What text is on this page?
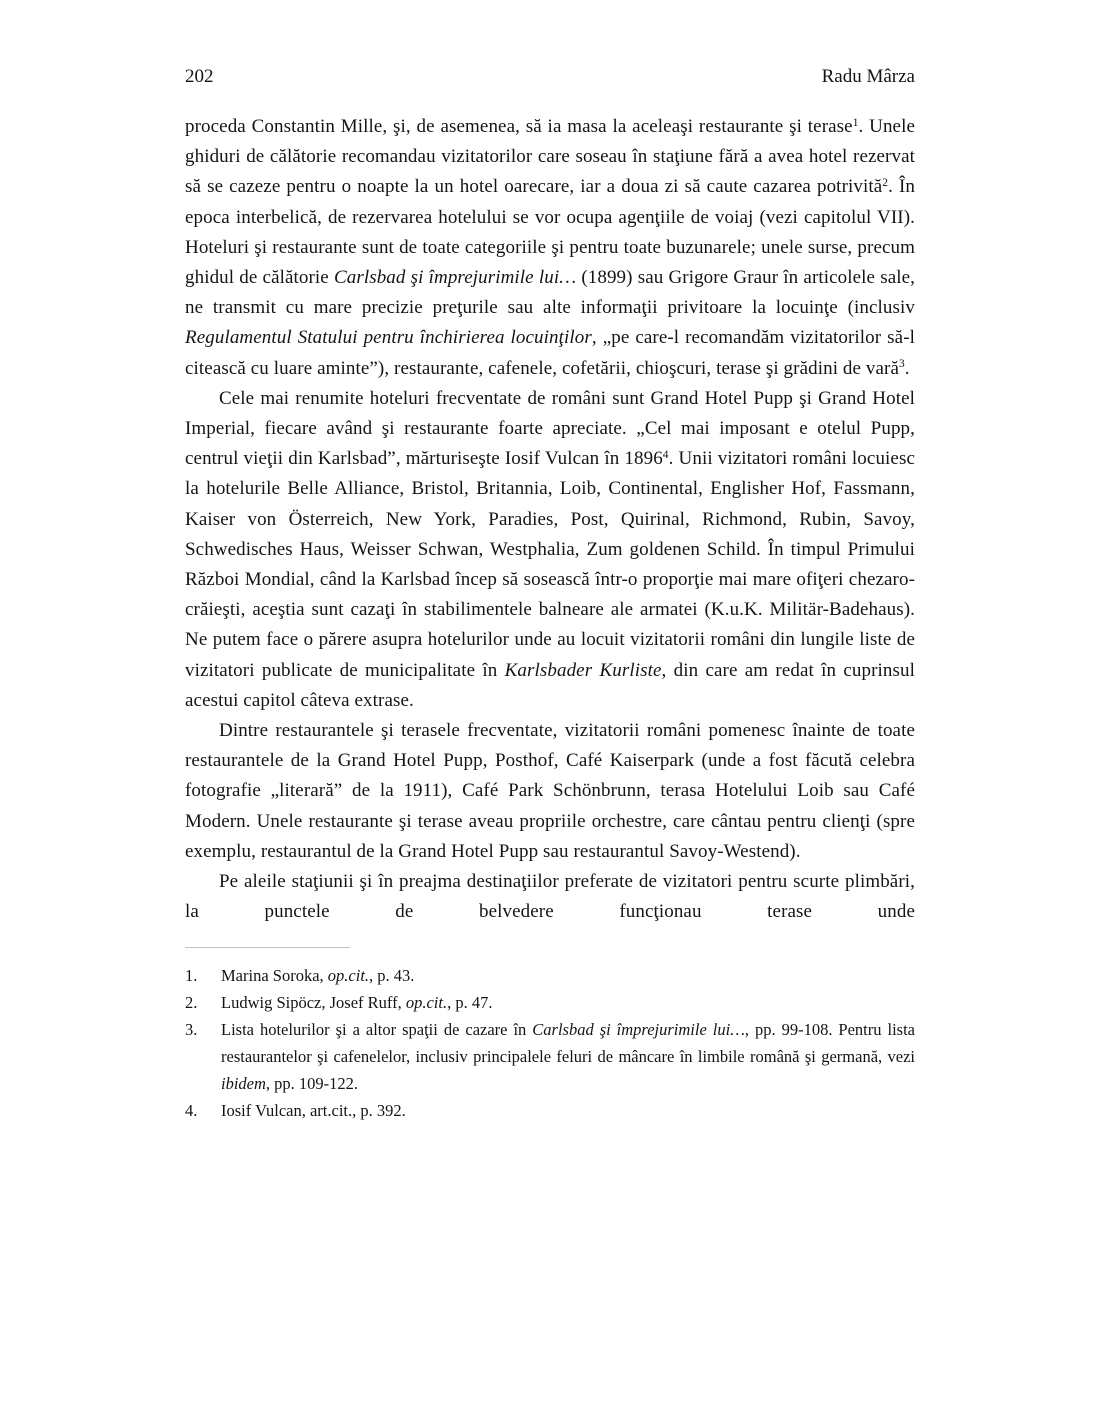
202	Radu Mârza

proceda Constantin Mille, şi, de asemenea, să ia masa la aceleaşi restaurante şi terase$^1$. Unele ghiduri de călătorie recomandau vizitatorilor care soseau în staţiune fără a avea hotel rezervat să se cazeze pentru o noapte la un hotel oarecare, iar a doua zi să caute cazarea potrivită$^2$. În epoca interbelică, de rezervarea hotelului se vor ocupa agenţiile de voiaj (vezi capitolul VII). Hoteluri şi restaurante sunt de toate categoriile şi pentru toate buzunarele; unele surse, precum ghidul de călătorie Carlsbad şi împrejurimile lui… (1899) sau Grigore Graur în articolele sale, ne transmit cu mare precizie preţurile sau alte informaţii privitoare la locuinţe (inclusiv Regulamentul Statului pentru închirierea locuinţilor, „pe care-l recomandăm vizitatorilor să-l citească cu luare aminte”), restaurante, cafenele, cofetării, chioşcuri, terase şi grădini de vară$^3$.

Cele mai renumite hoteluri frecventate de români sunt Grand Hotel Pupp şi Grand Hotel Imperial, fiecare având şi restaurante foarte apreciate. „Cel mai imposant e otelul Pupp, centrul vieţii din Karlsbad”, mărturiseşte Iosif Vulcan în 1896$^4$. Unii vizitatori români locuiesc la hotelurile Belle Alliance, Bristol, Britannia, Loib, Continental, Englisher Hof, Fassmann, Kaiser von Österreich, New York, Paradies, Post, Quirinal, Richmond, Rubin, Savoy, Schwedisches Haus, Weisser Schwan, Westphalia, Zum goldenen Schild. În timpul Primului Război Mondial, când la Karlsbad încep să sosească într-o proporţie mai mare ofiţeri chezaro-crăieşti, aceştia sunt cazaţi în stabilimentele balneare ale armatei (K.u.K. Militär-Badehaus). Ne putem face o părere asupra hotelurilor unde au locuit vizitatorii români din lungile liste de vizitatori publicate de municipalitate în Karlsbader Kurliste, din care am redat în cuprinsul acestui capitol câteva extrase.

Dintre restaurantele şi terasele frecventate, vizitatorii români pomenesc înainte de toate restaurantele de la Grand Hotel Pupp, Posthof, Café Kaiserpark (unde a fost făcută celebra fotografie „literară” de la 1911), Café Park Schönbrunn, terasa Hotelului Loib sau Café Modern. Unele restaurante şi terase aveau propriile orchestre, care cântau pentru clienţi (spre exemplu, restaurantul de la Grand Hotel Pupp sau restaurantul Savoy-Westend).

Pe aleile staţiunii şi în preajma destinaţiilor preferate de vizitatori pentru scurte plimbări, la punctele de belvedere funcţionau terase unde

1.	Marina Soroka, op.cit., p. 43.
2.	Ludwig Sipöcz, Josef Ruff, op.cit., p. 47.
3.	Lista hotelurilor şi a altor spaţii de cazare în Carlsbad şi împrejurimile lui…, pp. 99-108. Pentru lista restaurantelor şi cafenelelor, inclusiv principalele feluri de mâncare în limbile română şi germană, vezi ibidem, pp. 109-122.
4.	Iosif Vulcan, art.cit., p. 392.
